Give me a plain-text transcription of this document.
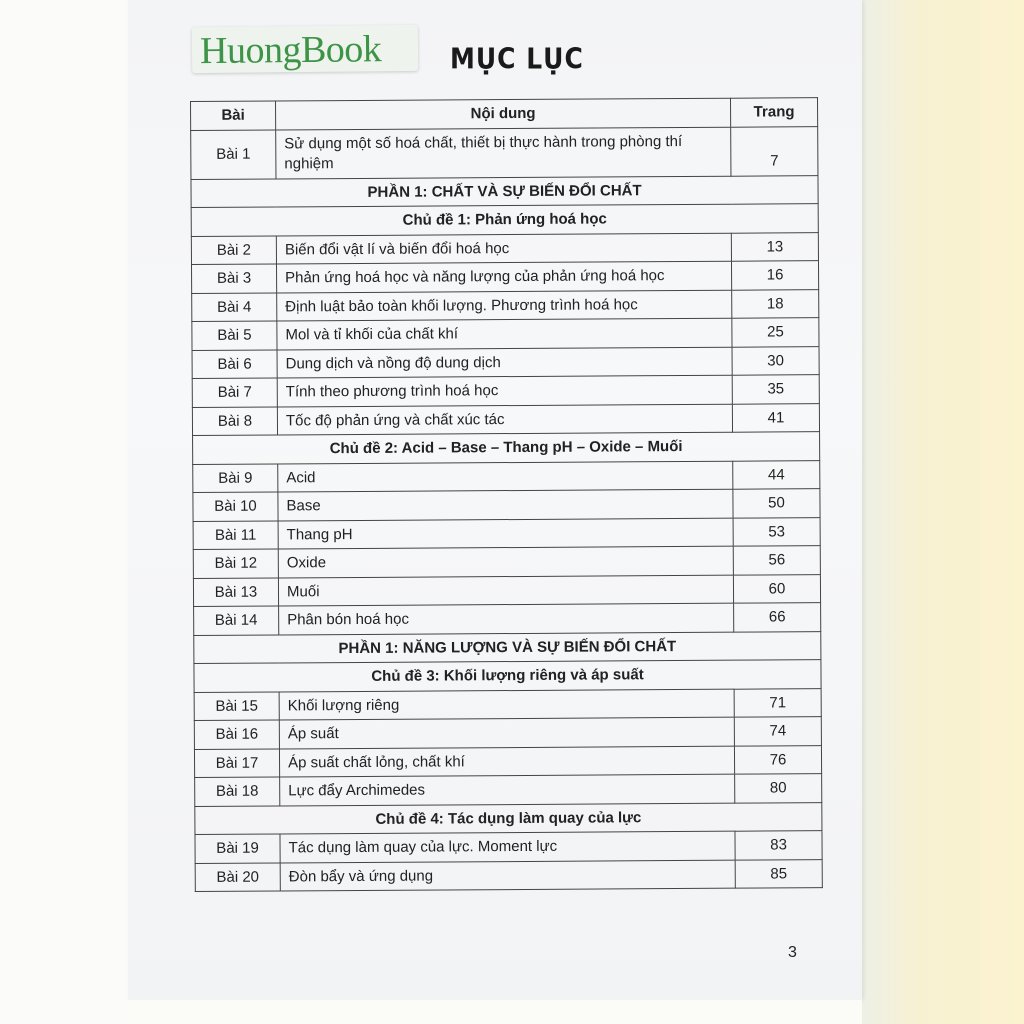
HuongBook	MỤC LỤC
Bài	Nội dung	Trang
Bài 1	Sử dụng một số hoá chất, thiết bị thực hành trong phòng thí nghiệm	7
PHẦN 1: CHẤT VÀ SỰ BIẾN ĐỔI CHẤT		
Chủ đề 1: Phản ứng hoá học		
Bài 2	Biến đổi vật lí và biến đổi hoá học	13
Bài 3	Phản ứng hoá học và năng lượng của phản ứng hoá học	16
Bài 4	Định luật bảo toàn khối lượng. Phương trình hoá học	18
Bài 5	Mol và tỉ khối của chất khí	25
Bài 6	Dung dịch và nồng độ dung dịch	30
Bài 7	Tính theo phương trình hoá học	35
Bài 8	Tốc độ phản ứng và chất xúc tác	41
Chủ đề 2: Acid – Base – Thang pH – Oxide – Muối		
Bài 9	Acid	44
Bài 10	Base	50
Bài 11	Thang pH	53
Bài 12	Oxide	56
Bài 13	Muối	60
Bài 14	Phân bón hoá học	66
PHẦN 1: NĂNG LƯỢNG VÀ SỰ BIẾN ĐỔI CHẤT		
Chủ đề 3: Khối lượng riêng và áp suất		
Bài 15	Khối lượng riêng	71
Bài 16	Áp suất	74
Bài 17	Áp suất chất lỏng, chất khí	76
Bài 18	Lực đẩy Archimedes	80
Chủ đề 4: Tác dụng làm quay của lực		
Bài 19	Tác dụng làm quay của lực. Moment lực	83
Bài 20	Đòn bẩy và ứng dụng	85
3
